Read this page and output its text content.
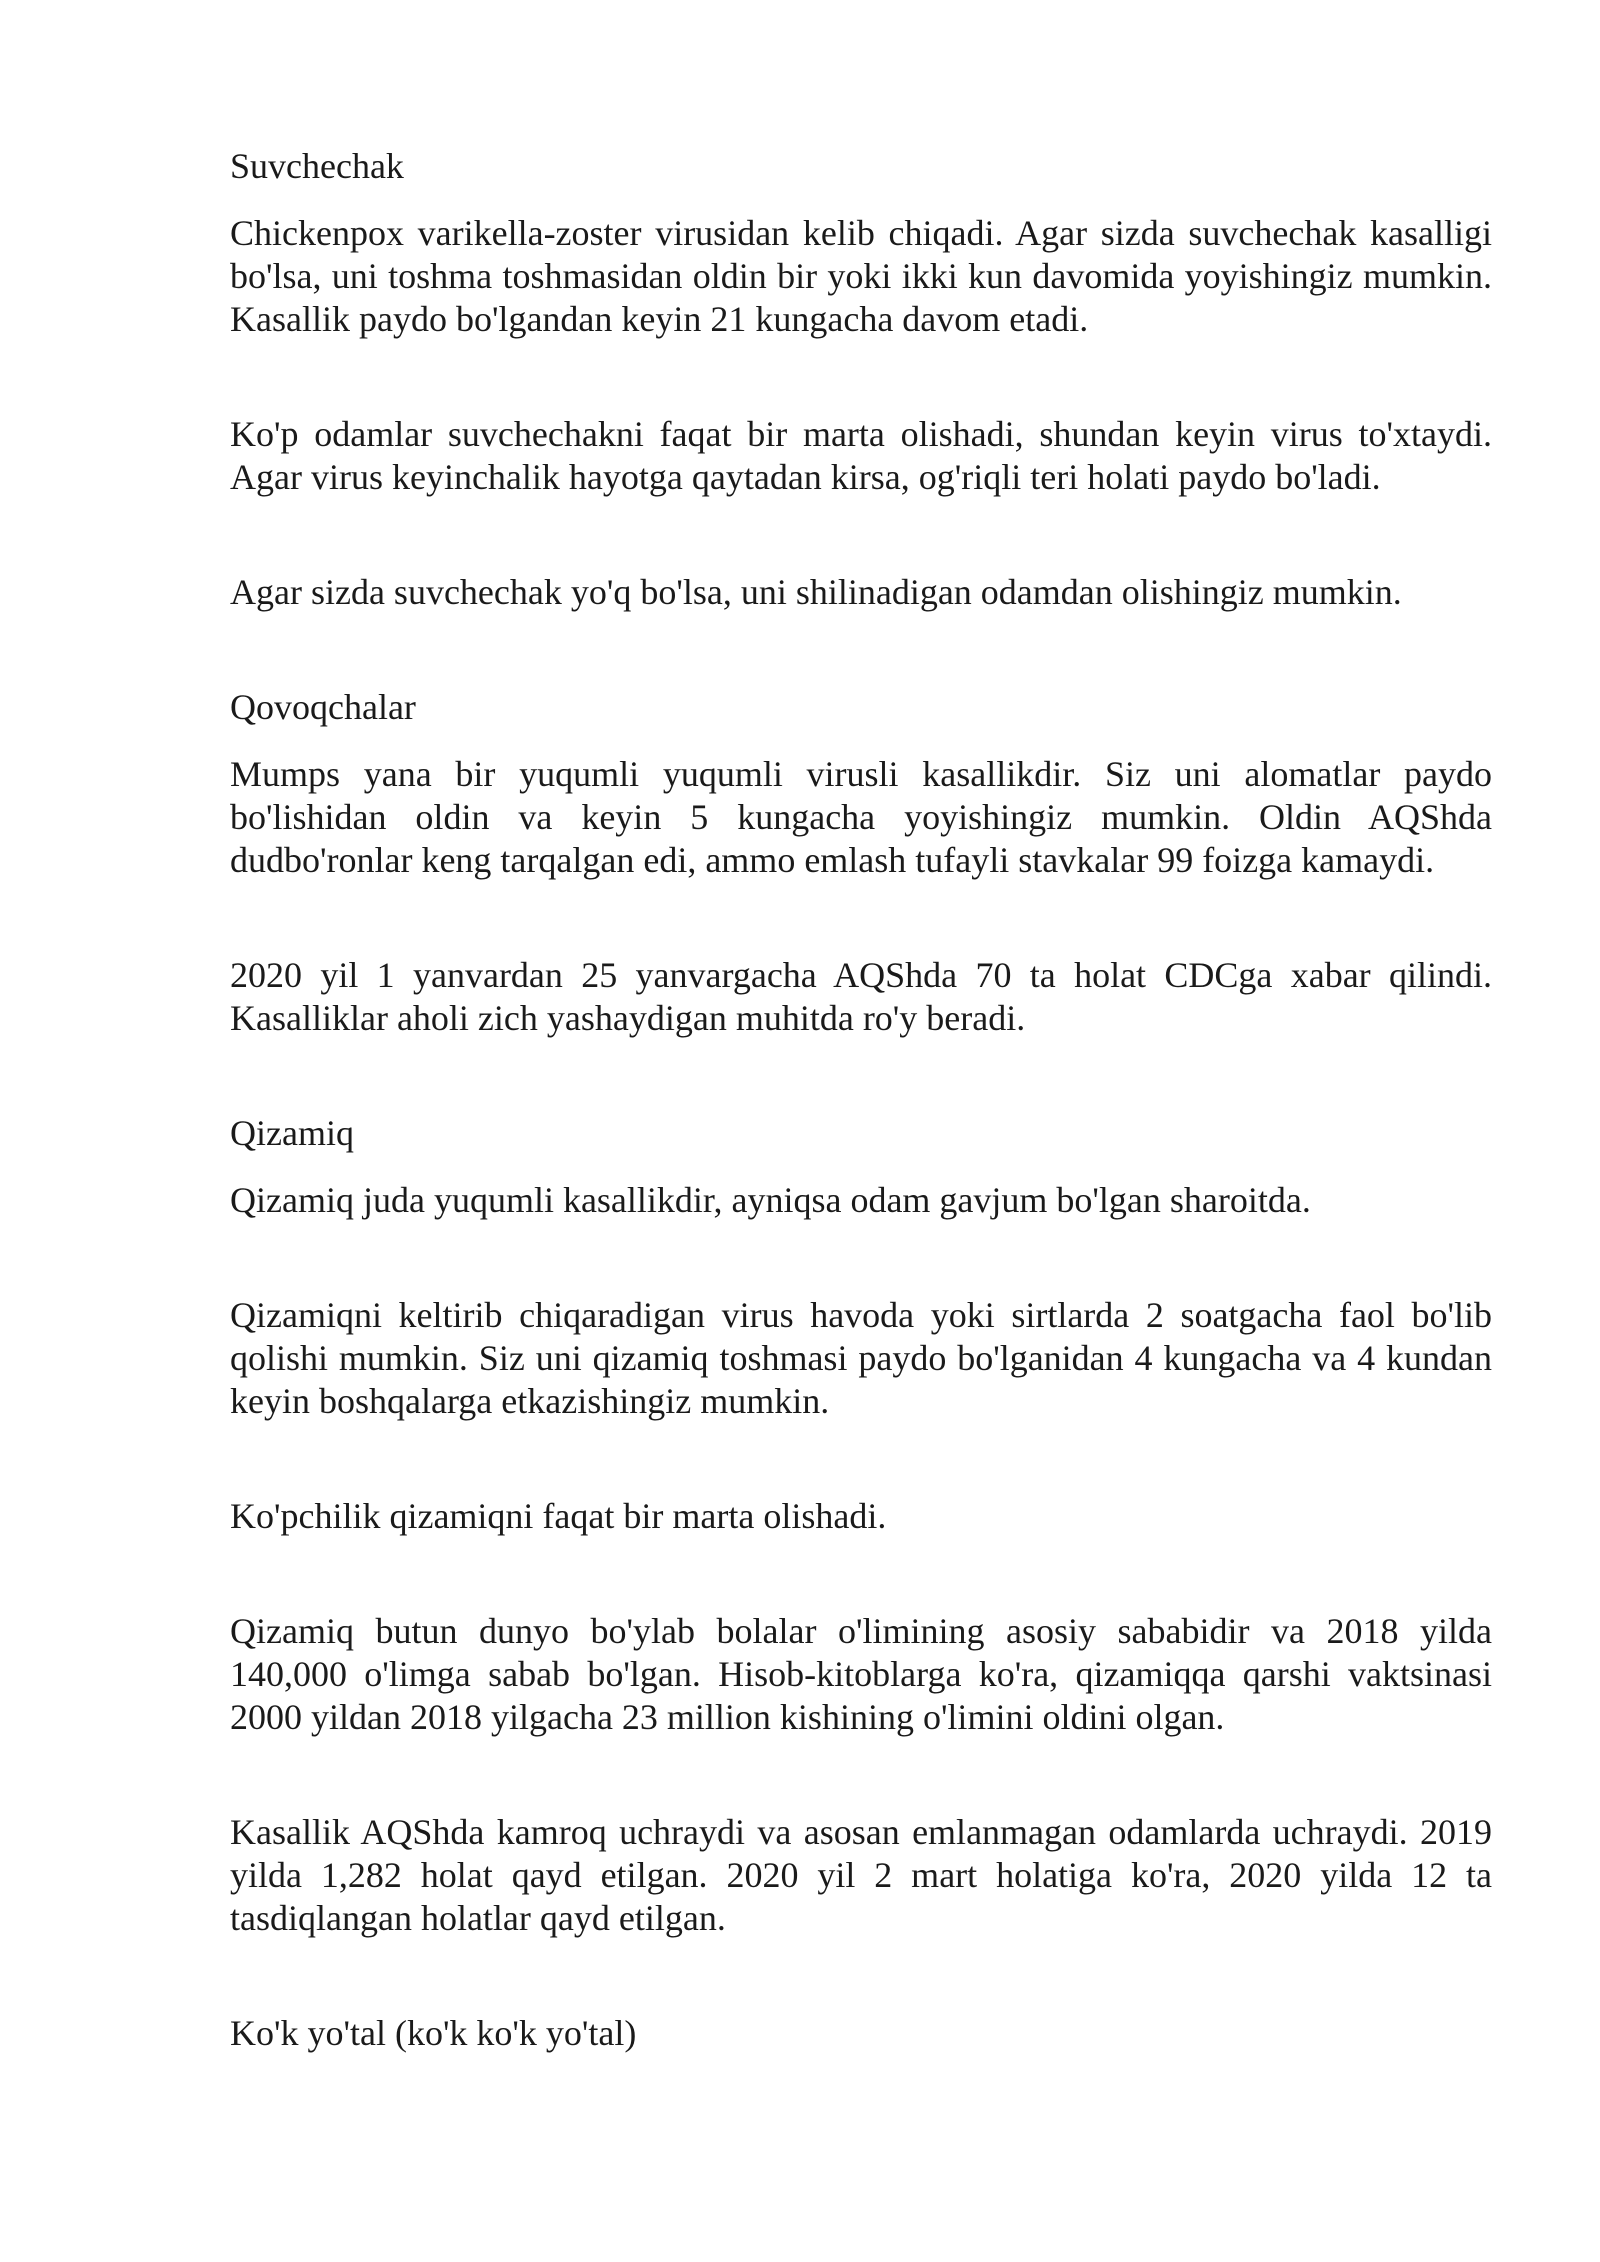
Suvchechak

Chickenpox varikella-zoster virusidan kelib chiqadi. Agar sizda suvchechak kasalligi bo'lsa, uni toshma toshmasidan oldin bir yoki ikki kun davomida yoyishingiz mumkin. Kasallik paydo bo'lgandan keyin 21 kungacha davom etadi.

Ko'p odamlar suvchechakni faqat bir marta olishadi, shundan keyin virus to'xtaydi. Agar virus keyinchalik hayotga qaytadan kirsa, og'riqli teri holati paydo bo'ladi.

Agar sizda suvchechak yo'q bo'lsa, uni shilinadigan odamdan olishingiz mumkin.

Qovoqchalar

Mumps yana bir yuqumli yuqumli virusli kasallikdir. Siz uni alomatlar paydo bo'lishidan oldin va keyin 5 kungacha yoyishingiz mumkin. Oldin AQShda dudbo'ronlar keng tarqalgan edi, ammo emlash tufayli stavkalar 99 foizga kamaydi.

2020 yil 1 yanvardan 25 yanvargacha AQShda 70 ta holat CDCga xabar qilindi. Kasalliklar aholi zich yashaydigan muhitda ro'y beradi.

Qizamiq

Qizamiq juda yuqumli kasallikdir, ayniqsa odam gavjum bo'lgan sharoitda.

Qizamiqni keltirib chiqaradigan virus havoda yoki sirtlarda 2 soatgacha faol bo'lib qolishi mumkin. Siz uni qizamiq toshmasi paydo bo'lganidan 4 kungacha va 4 kundan keyin boshqalarga etkazishingiz mumkin.

Ko'pchilik qizamiqni faqat bir marta olishadi.

Qizamiq butun dunyo bo'ylab bolalar o'limining asosiy sababidir va 2018 yilda 140,000 o'limga sabab bo'lgan. Hisob-kitoblarga ko'ra, qizamiqqa qarshi vaktsinasi 2000 yildan 2018 yilgacha 23 million kishining o'limini oldini olgan.

Kasallik AQShda kamroq uchraydi va asosan emlanmagan odamlarda uchraydi. 2019 yilda 1,282 holat qayd etilgan. 2020 yil 2 mart holatiga ko'ra, 2020 yilda 12 ta tasdiqlangan holatlar qayd etilgan.

Ko'k yo'tal (ko'k ko'k yo'tal)
